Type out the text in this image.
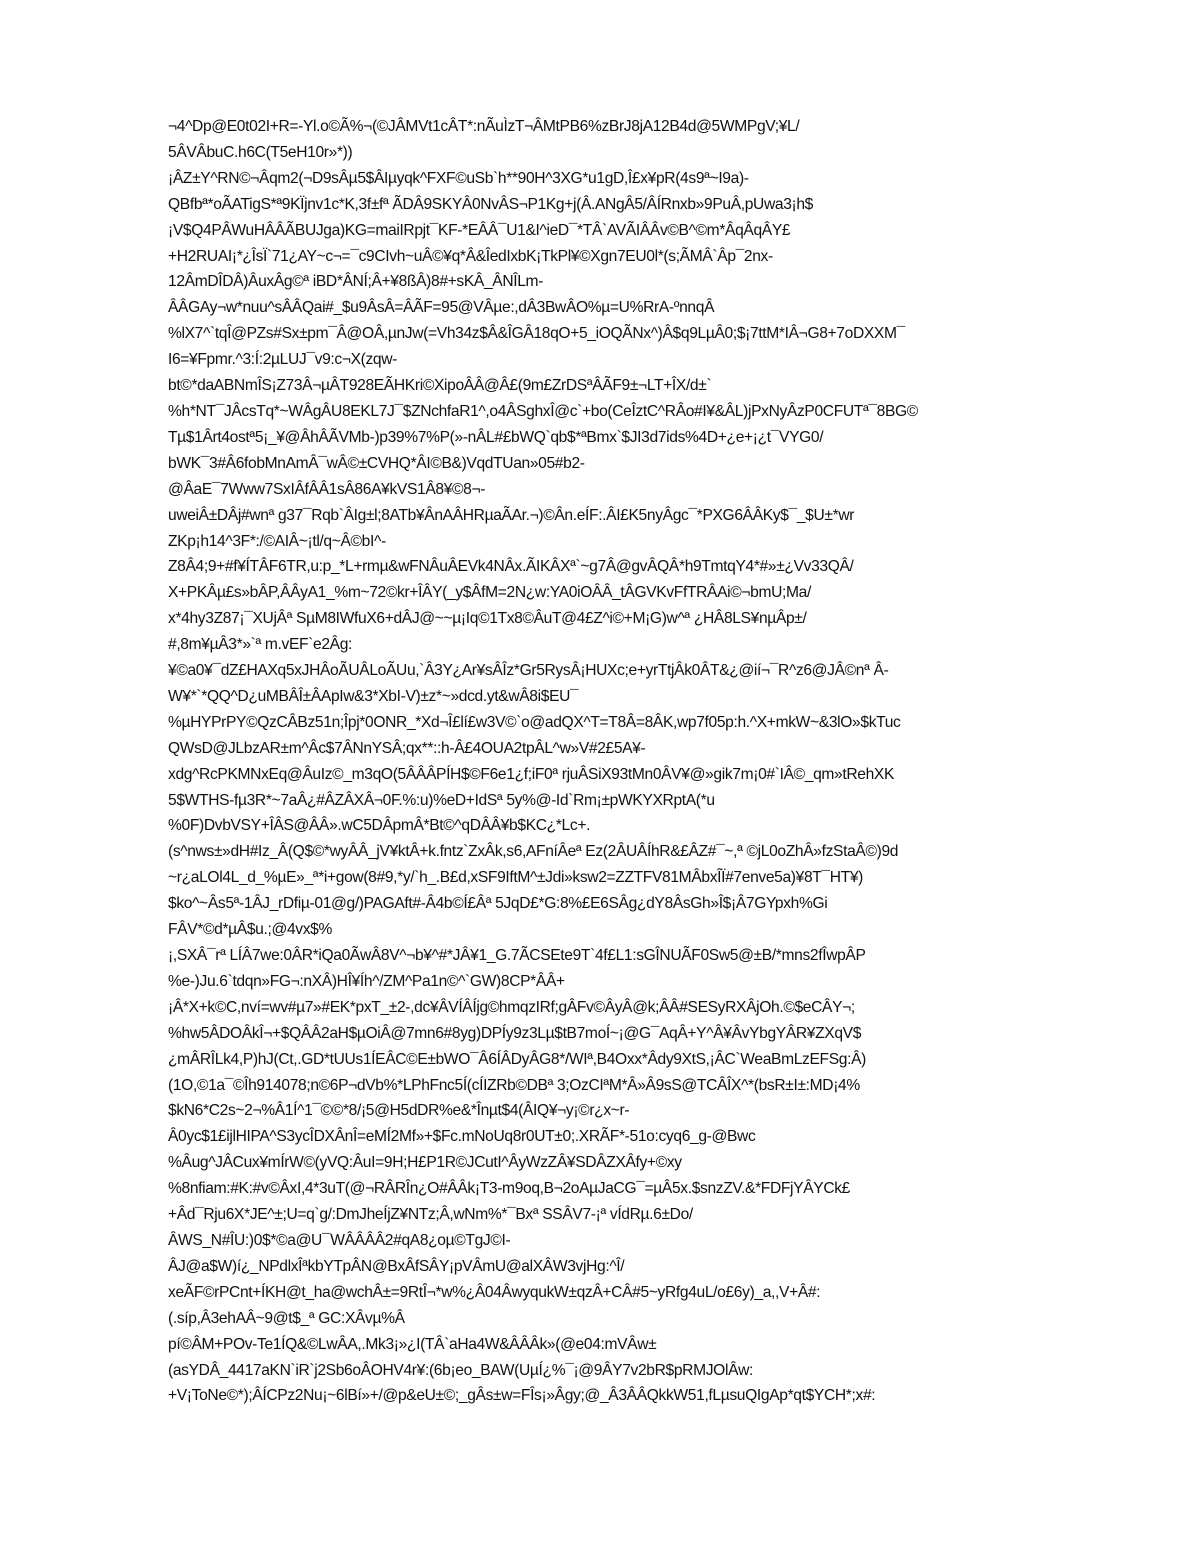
¬4^Dp@E0t02I+R=-Yl.o©Ã%¬(©JÂMVt1cÂT*:nÃuÌzT¬ÂMtPB6%zBrJ8jA12B4d@5WMPgV;¥L/
5ÂVÂbuC.h6C(T5eH10r»*))
¡ÂZ±Y^RN©¬Âqm2(¬D9sÂµ5$ÂIµyqk^FXF©uSb`h**90H^3XG*u1gD,Î£x¥pR(4s9ª~I9a)-
QBfbª*oÃATigS*ª9KÏjnv1c*K,3f±fª ÃDÂ9SKYÂ0NvÂS¬P1Kg+j(Â.ANgÂ5/ÂÍRnxb»9PuÂ,pUwa3¡h$
¡V$Q4PÂWuHÂÂÃBUJga)KG=maiIRpjt¯KF-*EÂÂ¯U1&I^ieD¯*TÂ`AVÃIÂÂv©B^©m*ÂqÂqÂY£
+H2RUAI¡*¿ÎsÏ`71¿AY~c¬=¯c9CIvh~uÂ©¥q*Â&ÎedIxbK¡TkPl¥©Xgn7EU0l*(s;ÃMÂ`Âp¯2nx-
12ÂmDÎDÂ)ÂuxÂg©ª iBD*ÂNÍ;Â+¥8ßÂ)8#+sKÂ_ÂNÎLm-
ÂÂGAy¬w*nuu^sÂÂQai#_$u9ÂsÂ=ÂÃF=95@VÂµe:,dÂ3BwÂO%µ=U%RrA-ºnnqÂ
%lX7^`tqÎ@PZs#Sx±pm¯Â@OÂ,µnJw(=Vh34z$Â&ÎGÂ18qO+5_iOQÃNx^)Â$q9LµÂ0;$¡7ttM*IÂ¬G8+7oDXXM¯
I6=¥Fpmr.^3:Í:2µLUJ¯v9:c¬X(zqw-
bt©*daABNmÎS¡Z73Â¬µÂT928EÃHKri©XipoÂÂ@Â£(9m£ZrDSªÂÃF9±¬LT+ÎX/d±`
%h*NT¯JÂcsTq*~WÂgÂU8EKL7J¯$ZNchfaR1^,o4ÂSghxÎ@c`+bo(CeÎztC^RÂo#I¥&ÂL)jPxNyÂzP0CFUTª¯8BG©
Tµ$1Ârt4ostª5¡_¥@ÂhÂÃVMb-)p39%7%P(»-nÂL#£bWQ`qb$*ªBmx`$JI3d7ids%4D+¿e+¡¿t¯VYG0/
bWK¯3#Â6fobMnAmÂ¯wÂ©±CVHQ*ÂI©B&)VqdTUan»05#b2-
@ÂaE¯7Www7SxIÂfÂÂ1sÂ86A¥kVS1Â8¥©8¬-
uweiÂ±DÂj#wnª g37¯Rqb`ÂIg±l;8ATb¥ÂnAÂHRµaÃAr.¬)©Ân.eÍF:.ÂI£K5nyÂgc¯*PXG6ÂÂKy$¯_$U±*wr
ZKp¡h14^3F*:/©AIÂ~¡tl/q~Â©bI^-
Z8Â4;9+#f¥ÍTÂF6TR,u:p_*L+rmµ&wFNÂuÂEVk4NÂx.ÃIKÂXª`~g7Â@gvÂQÂ*h9TmtqY4*#»±¿Vv33QÂ/
X+PKÂµ£s»bÂP,ÂÂyA1_%m~72©kr+ÎÂY(_y$ÂfM=2N¿w:YA0iOÂÂ_tÂGVKvFfTRÂAi©¬bmU;Ma/
x*4hy3Z87¡¯XUjÂª SµM8IWfuX6+dÂJ@~~µ¡Iq©1Tx8©ÂuT@4£Z^i©+M¡G)w^ª ¿HÂ8LS¥nµÂp±/
#,8m¥µÂ3*»`ª m.vEF`e2Âg:
¥©a0¥¯dZ£HAXq5xJHÂoÃUÂLoÃUu,`Â3Y¿Ar¥sÂÎz*Gr5RysÂ¡HUXc;e+yrTtjÂk0ÂT&¿@ií¬¯R^z6@JÂ©nª Â-
W¥*`*QQ^D¿uMBÂÎ±ÂApIw&3*XbI-V)±z*~»dcd.yt&wÂ8i$EU¯
%µHYPrPY©QzCÂBz51n;Îpj*0ONR_*Xd¬Î£lí£w3V©`o@adQX^T=T8Â=8ÂK,wp7f05p:h.^X+mkW~&3lO»$kTuc
QWsD@JLbzAR±m^Âc$7ÂNnYSÂ;qx**::h-Â£4OUA2tpÂL^w»V#2£5A¥-
xdg^RcPKMNxEq@ÂuIz©_m3qO(5ÂÂÂPÍH$©F6e1¿f;iF0ª rjuÂSiX93tMn0ÂV¥@»gik7m¡0#`IÂ©_qm»tRehXK
5$WTHS-fµ3R*~7aÂ¿#ÂZÂXÂ¬0F.%:u)%eD+IdSª 5y%@-Id`Rm¡±pWKYXRptA(*u
%0F)DvbVSY+ÎÂS@ÂÂ».wC5DÂpmÂ*Bt©^qDÂÂ¥b$KC¿*Lc+.
(s^nws±»dH#Iz_Â(Q$©*wyÂÂ_jV¥ktÂ+k.fntz`ZxÂk,s6,AFníÂeª Ez(2ÂUÂÍhR&£ÂZ#¯~,ª ©jL0oZhÂ»fzStaÂ©)9d
~r¿aLOl4L_d_%µE»_ª*i+gow(8#9,*y/`h_.B£d,xSF9IftM^±Jdi»ksw2=ZZTFV81MÂbxÎÏ#7enve5a)¥8T¯HT¥)
$ko^~Âs5ª-1ÂJ_rDfiµ-01@g/)PAGAft#-Â4b©Í£Âª 5JqD£*G:8%£E6SÂg¿dY8ÂsGh»Î$¡Â7GYpxh%Gi
FÂV*©d*µÂ$u.;@4vx$%
¡,SXÂ¯rª LÍÂ7we:0ÂR*iQa0ÃwÂ8V^¬b¥^#*JÂ¥1_G.7ÃCSEte9T`4f£L1:sGÎNUÃF0Sw5@±B/*mns2fÎwpÂP
%e-)Ju.6`tdqn»FG¬:nXÂ)HÎ¥Íh^/ZM^Pa1n©^`GW)8CP*ÂÂ+
¡Â*X+k©C,nví=wv#µ7»#EK*pxT_±2-,dc¥ÂVÍÂÍjg©hmqzIRf;gÂFv©ÂyÂ@k;ÂÂ#SESyRXÂjOh.©$eCÂY¬;
%hw5ÂDOÂkÎ¬+$QÂÂ2aH$µOiÂ@7mn6#8yg)DPÍy9z3Lµ$tB7moÍ~¡@G¯AqÂ+Y^Â¥ÂvYbgYÂR¥ZXqV$
¿mÂRÎLk4,P)hJ(Ct,.GD*tUUs1ÍEÂC©E±bWO¯Â6ÍÂDyÂG8*/WIª,B4Oxx*Âdy9XtS,¡ÂC`WeaBmLzEFSg:Â)
(1O,©1a¯©Îh914078;n©6P¬dVb%*LPhFnc5Í(cÍIZRb©DBª 3;OzCIªM*Â»Â9sS@TCÂÎX^*(bsR±I±:MD¡4%
$kN6*C2s~2¬%Â1Í^1¯©©*8/¡5@H5dDR%e&*Înµt$4(ÂIQ¥¬y¡©r¿x~r-
Â0yc$1£ijlHIPA^S3ycÎDXÂnÎ=eMÍ2Mf»+$Fc.mNoUq8r0UT±0;.XRÃF*-51o:cyq6_g-@Bwc
%Âug^JÂCux¥mÍrW©(yVQ:ÂuI=9H;H£P1R©JCutI^ÂyWzZÂ¥SDÂZXÂfy+©xy
%8nfiam:#K:#v©ÂxI,4*3uT(@¬RÂRÎn¿O#ÂÂk¡T3-m9oq,B¬2oAµJaCG¯=µÂ5x.$snzZV.&*FDFjYÂYCk£
+Âd¯Rju6X*JE^±;U=q`g/:DmJheÍjZ¥NTz;Â,wNm%*¯Bxª SSÂV7-¡ª vÍdRµ.6±Do/
ÂWS_N#ÎU:)0$*©a@U¯WÂÂÂÂ2#qA8¿oµ©TgJ©I-
ÂJ@a$W)í¿_NPdlxÎªkbYTpÂN@BxÂfSÂY¡pVÂmU@alXÂW3vjHg:^Î/
xeÃF©rPCnt+ÍKH@t_ha@wchÂ±=9RtÎ¬*w%¿Â04ÂwyqukW±qzÂ+CÂ#5~yRfg4uL/o£6y)_a,,V+Â#:
(.síp,Â3ehAÂ~9@t$_ª GC:XÂvµ%Â
pí©ÂM+POv-Te1ÍQ&©LwÂA,.Mk3¡»¿I(TÂ`aHa4W&ÂÂÂk»(@e04:mVÂw±
(asYDÂ_4417aKN`iR`j2Sb6oÂOHV4r¥:(6b¡eo_BAW(UµÍ¿%¯¡@9ÂY7v2bR$pRMJOlÂw:
+V¡ToNe©*);ÂÍCPz2Nu¡~6lBí»+/@p&eU±©;_gÂs±w=FÎs¡»Âgy;@_Â3ÂÂQkkW51,fLµsuQIgAp*qt$YCH*;x#:
